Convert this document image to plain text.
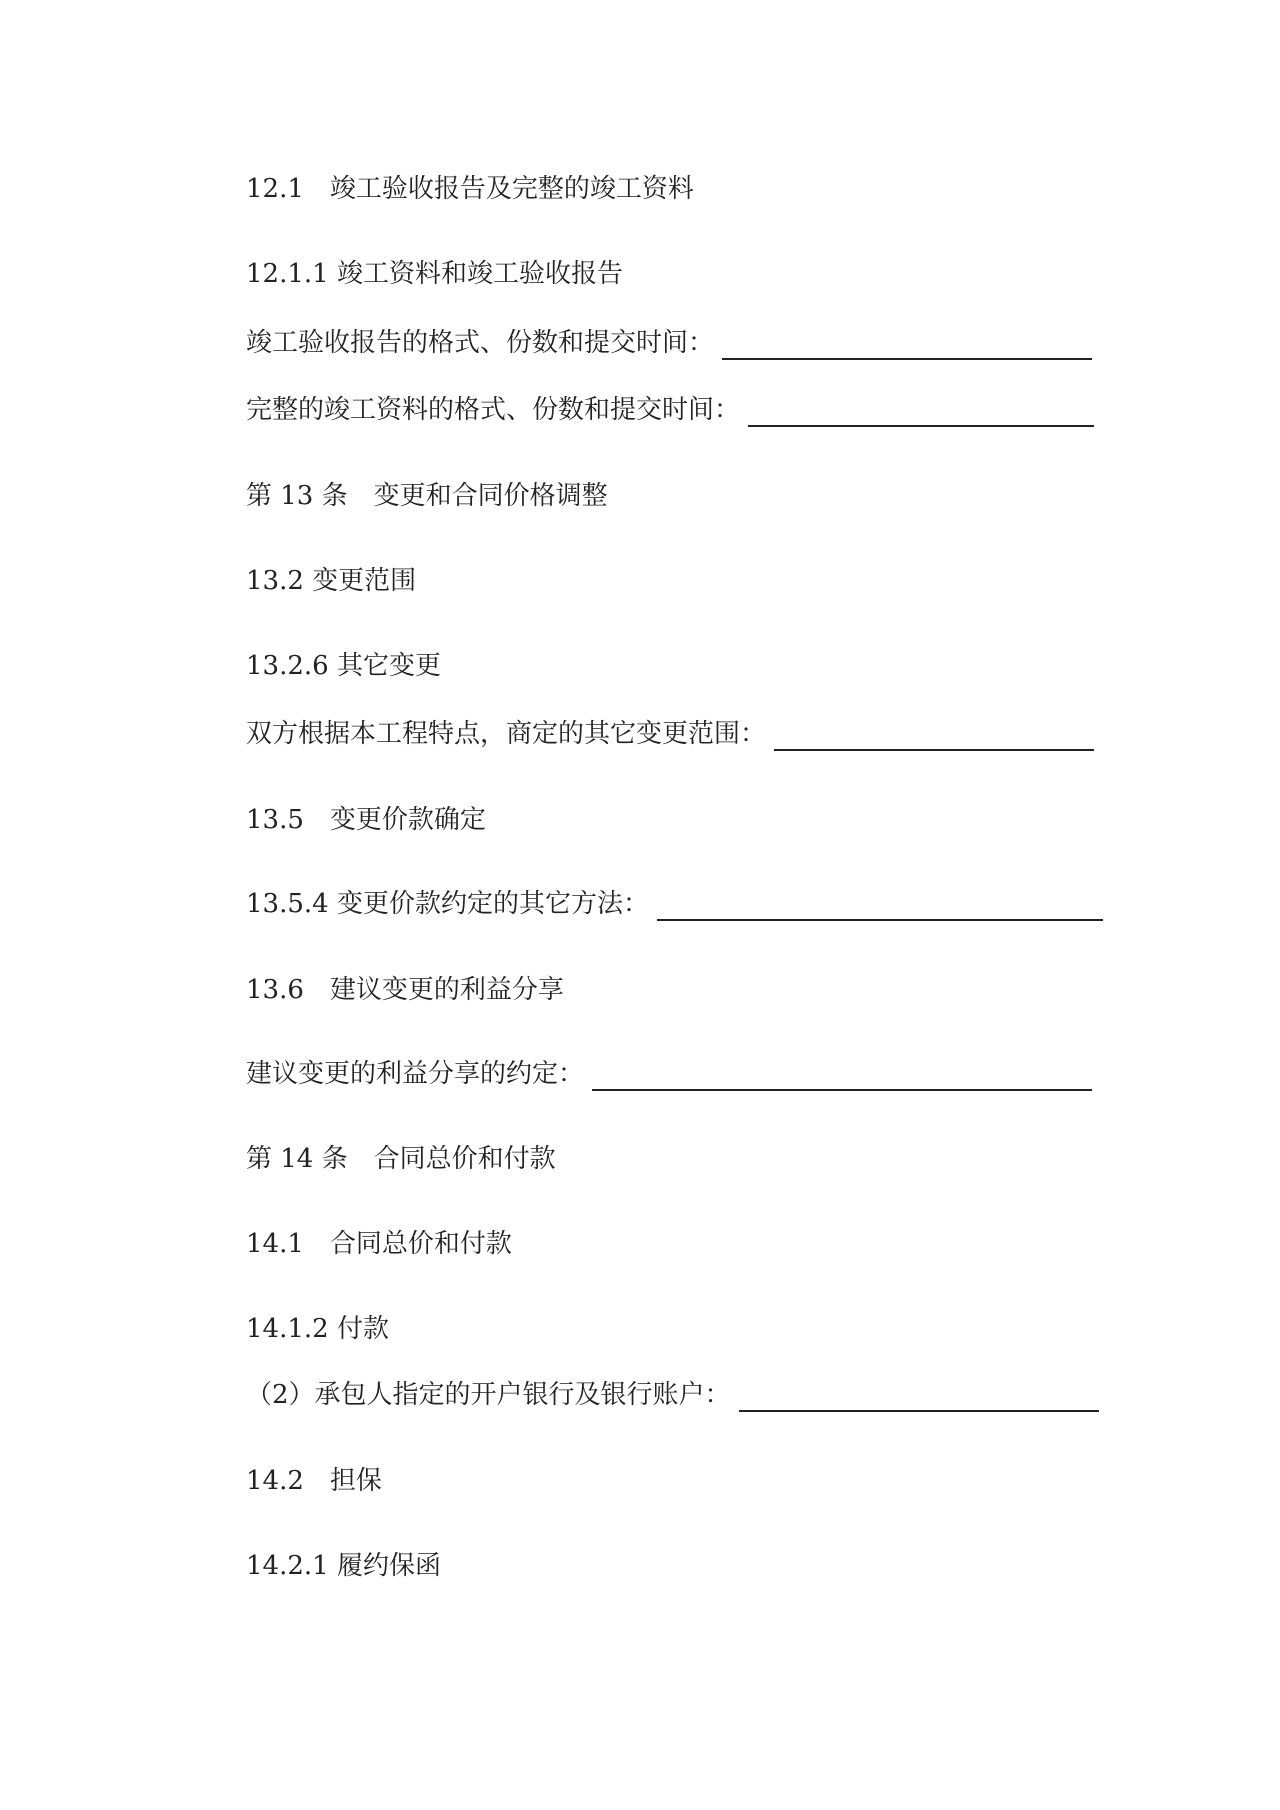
12.1　竣工验收报告及完整的竣工资料
12.1.1 竣工资料和竣工验收报告
竣工验收报告的格式、份数和提交时间：
完整的竣工资料的格式、份数和提交时间：
第 13 条　变更和合同价格调整
13.2 变更范围
13.2.6 其它变更
双方根据本工程特点，商定的其它变更范围：
13.5　变更价款确定
13.5.4 变更价款约定的其它方法：
13.6　建议变更的利益分享
建议变更的利益分享的约定：
第 14 条　合同总价和付款
14.1　合同总价和付款
14.1.2 付款
（2）承包人指定的开户银行及银行账户：
14.2　担保
14.2.1 履约保函
